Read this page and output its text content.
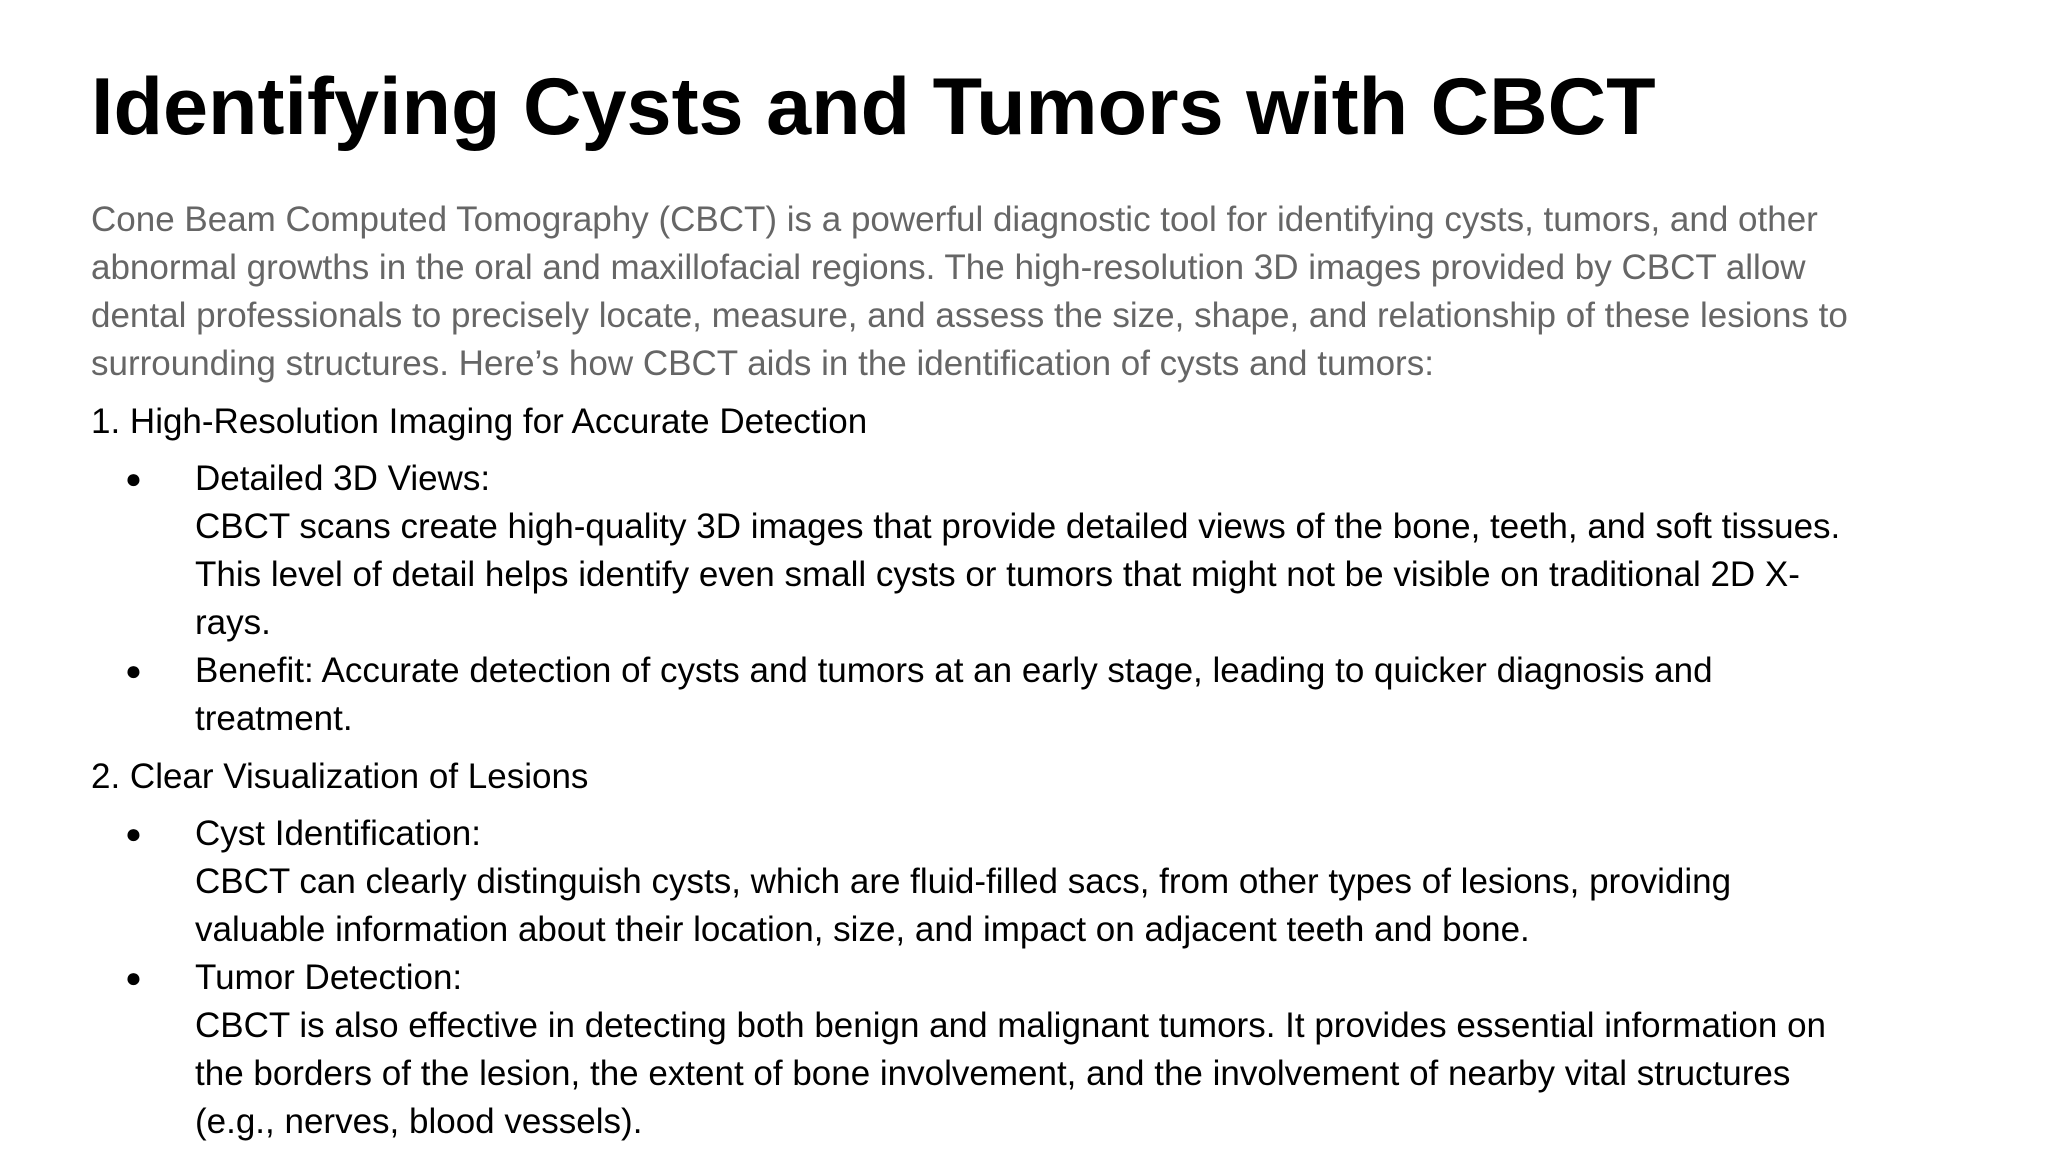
Identifying Cysts and Tumors with CBCT
Cone Beam Computed Tomography (CBCT) is a powerful diagnostic tool for identifying cysts, tumors, and other
abnormal growths in the oral and maxillofacial regions. The high-resolution 3D images provided by CBCT allow
dental professionals to precisely locate, measure, and assess the size, shape, and relationship of these lesions to
surrounding structures. Here’s how CBCT aids in the identification of cysts and tumors:
1. High-Resolution Imaging for Accurate Detection
● Detailed 3D Views:
CBCT scans create high-quality 3D images that provide detailed views of the bone, teeth, and soft tissues.
This level of detail helps identify even small cysts or tumors that might not be visible on traditional 2D X-
rays.
● Benefit: Accurate detection of cysts and tumors at an early stage, leading to quicker diagnosis and
treatment.
2. Clear Visualization of Lesions
● Cyst Identification:
CBCT can clearly distinguish cysts, which are fluid-filled sacs, from other types of lesions, providing
valuable information about their location, size, and impact on adjacent teeth and bone.
● Tumor Detection:
CBCT is also effective in detecting both benign and malignant tumors. It provides essential information on
the borders of the lesion, the extent of bone involvement, and the involvement of nearby vital structures
(e.g., nerves, blood vessels).
